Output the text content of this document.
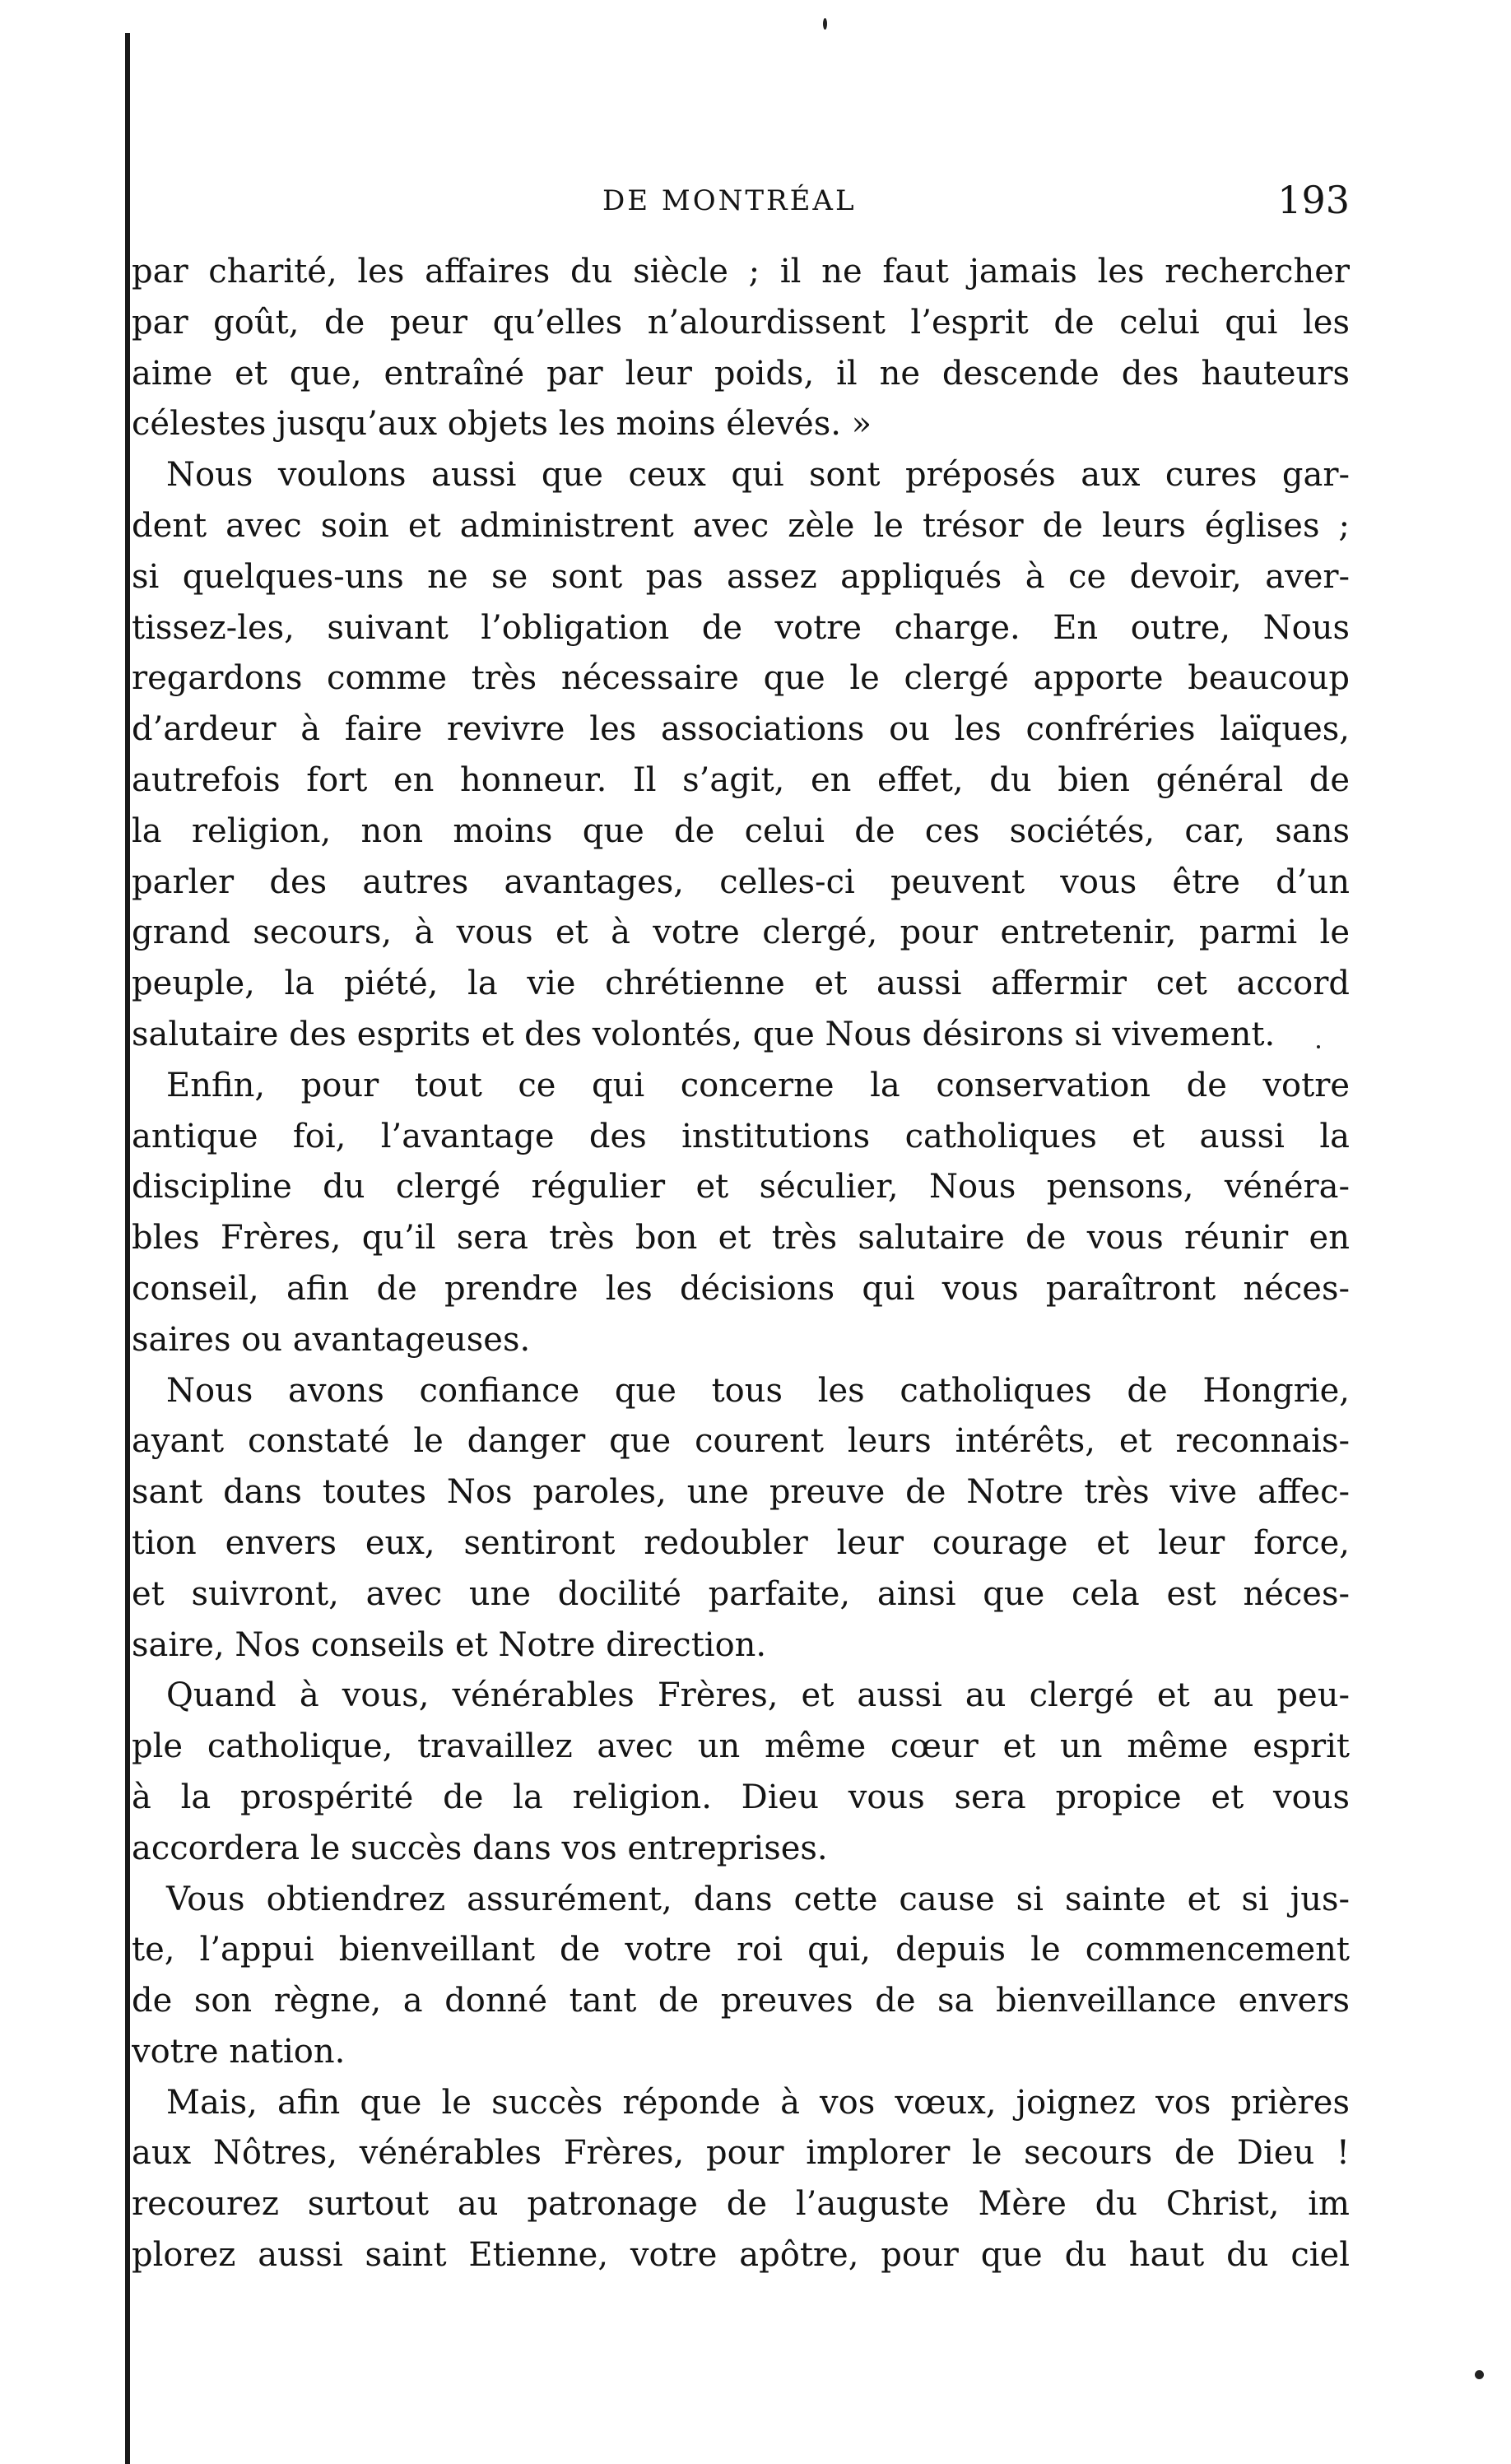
DE MONTRÉAL	193
par charité, les affaires du siècle ; il ne faut jamais les rechercher
par goût, de peur qu’elles n’alourdissent l’esprit de celui qui les
aime et que, entraîné par leur poids, il ne descende des hauteurs
célestes jusqu’aux objets les moins élevés. »
Nous voulons aussi que ceux qui sont préposés aux cures gar-
dent avec soin et administrent avec zèle le trésor de leurs églises ;
si quelques-uns ne se sont pas assez appliqués à ce devoir, aver-
tissez-les, suivant l’obligation de votre charge. En outre, Nous
regardons comme très nécessaire que le clergé apporte beaucoup
d’ardeur à faire revivre les associations ou les confréries laïques,
autrefois fort en honneur. Il s’agit, en effet, du bien général de
la religion, non moins que de celui de ces sociétés, car, sans
parler des autres avantages, celles-ci peuvent vous être d’un
grand secours, à vous et à votre clergé, pour entretenir, parmi le
peuple, la piété, la vie chrétienne et aussi affermir cet accord
salutaire des esprits et des volontés, que Nous désirons si vivement.
Enfin, pour tout ce qui concerne la conservation de votre
antique foi, l’avantage des institutions catholiques et aussi la
discipline du clergé régulier et séculier, Nous pensons, vénéra-
bles Frères, qu’il sera très bon et très salutaire de vous réunir en
conseil, afin de prendre les décisions qui vous paraîtront néces-
saires ou avantageuses.
Nous avons confiance que tous les catholiques de Hongrie,
ayant constaté le danger que courent leurs intérêts, et reconnais-
sant dans toutes Nos paroles, une preuve de Notre très vive affec-
tion envers eux, sentiront redoubler leur courage et leur force,
et suivront, avec une docilité parfaite, ainsi que cela est néces-
saire, Nos conseils et Notre direction.
Quand à vous, vénérables Frères, et aussi au clergé et au peu-
ple catholique, travaillez avec un même cœur et un même esprit
à la prospérité de la religion. Dieu vous sera propice et vous
accordera le succès dans vos entreprises.
Vous obtiendrez assurément, dans cette cause si sainte et si jus-
te, l’appui bienveillant de votre roi qui, depuis le commencement
de son règne, a donné tant de preuves de sa bienveillance envers
votre nation.
Mais, afin que le succès réponde à vos vœux, joignez vos prières
aux Nôtres, vénérables Frères, pour implorer le secours de Dieu !
recourez surtout au patronage de l’auguste Mère du Christ, im
plorez aussi saint Etienne, votre apôtre, pour que du haut du ciel
